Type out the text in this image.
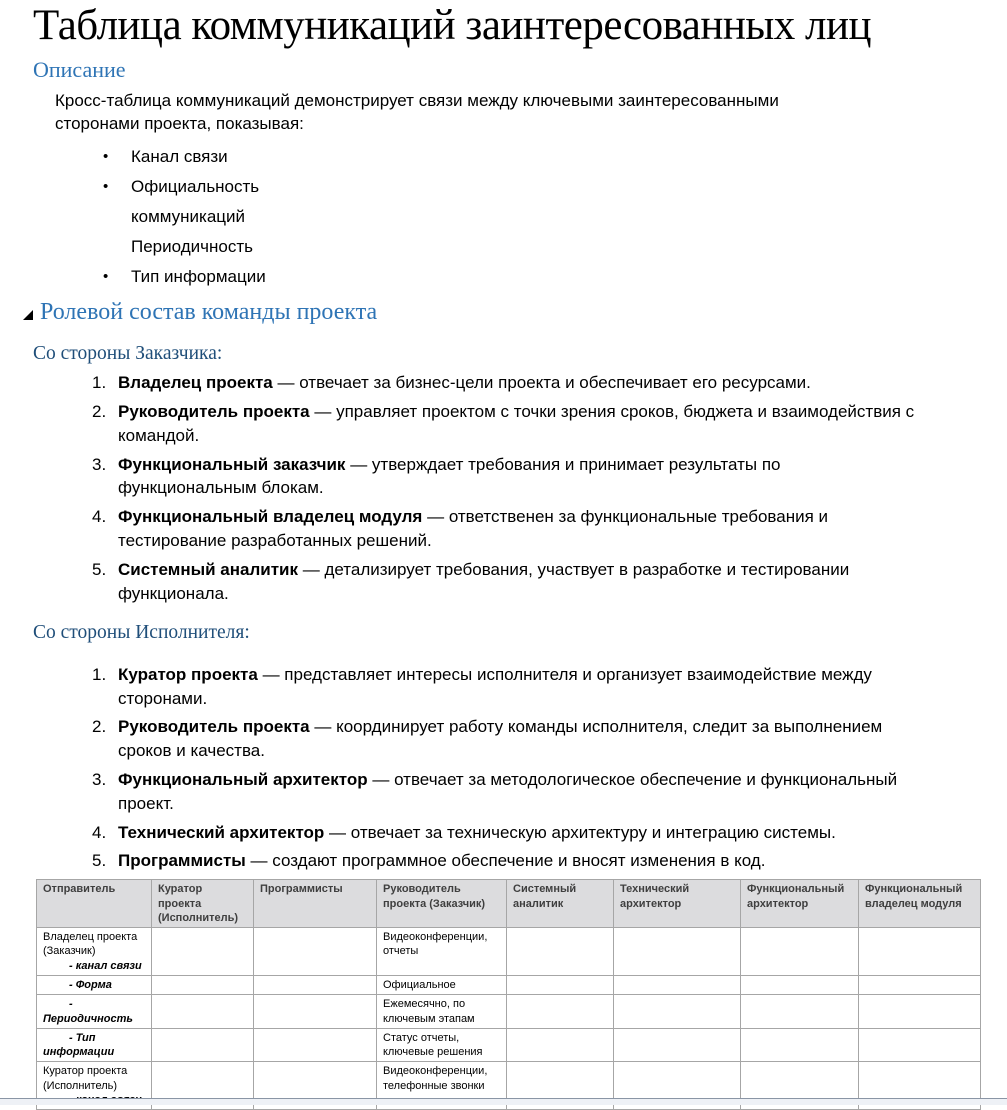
Таблица коммуникаций заинтересованных лиц
Описание

Кросс-таблица коммуникаций демонстрирует связи между ключевыми заинтересованными сторонами проекта, показывая:

•	Канал связи
•	Официальность
коммуникаций
Периодичность
•	Тип информации
Ролевой состав команды проекта
Со стороны Заказчика:
1. Владелец проекта — отвечает за бизнес-цели проекта и обеспечивает его ресурсами.
2. Руководитель проекта — управляет проектом с точки зрения сроков, бюджета и взаимодействия с командой.
3. Функциональный заказчик — утверждает требования и принимает результаты по функциональным блокам.
4. Функциональный владелец модуля — ответственен за функциональные требования и тестирование разработанных решений.
5. Системный аналитик — детализирует требования, участвует в разработке и тестировании функционала.
Со стороны Исполнителя:
1. Куратор проекта — представляет интересы исполнителя и организует взаимодействие между сторонами.
2. Руководитель проекта — координирует работу команды исполнителя, следит за выполнением сроков и качества.
3. Функциональный архитектор — отвечает за методологическое обеспечение и функциональный проект.
4. Технический архитектор — отвечает за техническую архитектуру и интеграцию системы.
5. Программисты — создают программное обеспечение и вносят изменения в код.
Отправитель	Куратор проекта (Исполнитель)	Программисты	Руководитель проекта (Заказчик)	Системный аналитик	Технический архитектор	Функциональный архитектор	Функциональный владелец модуля

Владелец проекта (Заказчик)
- канал связи			Видеоконференции, отчеты				

- Форма			Официальное				

- Периодичность			Ежемесячно, по ключевым этапам				

- Тип информации			Статус отчеты, ключевые решения				

Куратор проекта (Исполнитель)			Видеоконференции, телефонные звонки				
